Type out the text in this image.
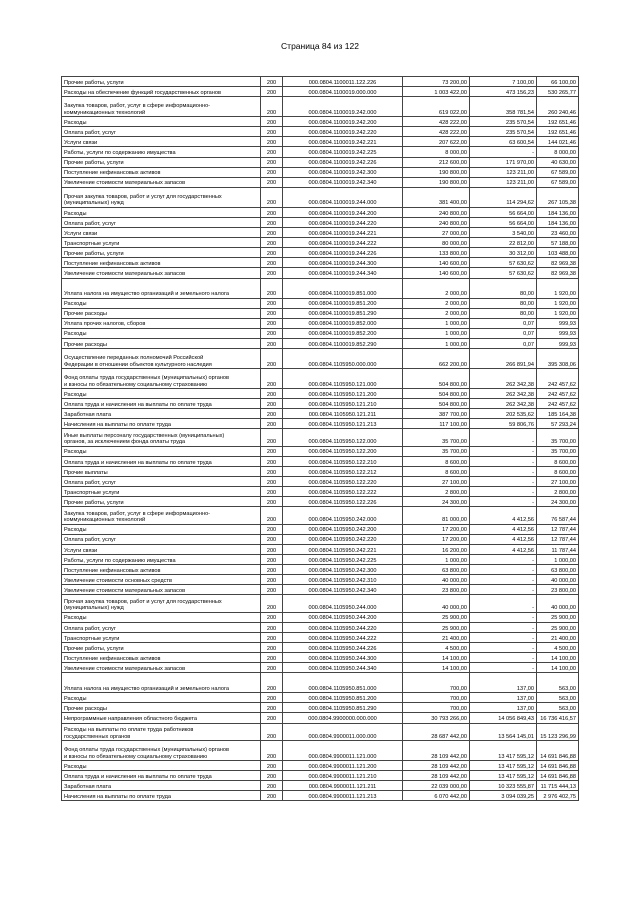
Страница 84 из 122
Прочие работы, услуги	200	000.0804.1100011.122.226	73 200,00	7 100,00	66 100,00
Расходы на обеспечение функций государственных органов	200	000.0804.1100019.000.000	1 003 422,00	473 156,23	530 265,77
Закупка товаров, работ, услуг в сфере информационно-
коммуникационных технологий	200	000.0804.1100019.242.000	619 022,00	358 781,54	260 240,46
Расходы	200	000.0804.1100019.242.200	428 222,00	235 570,54	192 651,46
Оплата работ, услуг	200	000.0804.1100019.242.220	428 222,00	235 570,54	192 651,46
Услуги связи	200	000.0804.1100019.242.221	207 622,00	63 600,54	144 021,46
Работы, услуги по содержанию имущества	200	000.0804.1100019.242.225	8 000,00	-	8 000,00
Прочие работы, услуги	200	000.0804.1100019.242.226	212 600,00	171 970,00	40 630,00
Поступление нефинансовых активов	200	000.0804.1100019.242.300	190 800,00	123 211,00	67 589,00
Увеличение стоимости материальных запасов	200	000.0804.1100019.242.340	190 800,00	123 211,00	67 589,00
Прочая закупка товаров, работ и услуг для государственных
(муниципальных) нужд	200	000.0804.1100019.244.000	381 400,00	114 294,62	267 105,38
Расходы	200	000.0804.1100019.244.200	240 800,00	56 664,00	184 136,00
Оплата работ, услуг	200	000.0804.1100019.244.220	240 800,00	56 664,00	184 136,00
Услуги связи	200	000.0804.1100019.244.221	27 000,00	3 540,00	23 460,00
Транспортные услуги	200	000.0804.1100019.244.222	80 000,00	22 812,00	57 188,00
Прочие работы, услуги	200	000.0804.1100019.244.226	133 800,00	30 312,00	103 488,00
Поступление нефинансовых активов	200	000.0804.1100019.244.300	140 600,00	57 630,62	82 969,38
Увеличение стоимости материальных запасов	200	000.0804.1100019.244.340	140 600,00	57 630,62	82 969,38
Уплата налога на имущество организаций и земельного налога	200	000.0804.1100019.851.000	2 000,00	80,00	1 920,00
Расходы	200	000.0804.1100019.851.200	2 000,00	80,00	1 920,00
Прочие расходы	200	000.0804.1100019.851.290	2 000,00	80,00	1 920,00
Уплата прочих налогов, сборов	200	000.0804.1100019.852.000	1 000,00	0,07	999,93
Расходы	200	000.0804.1100019.852.200	1 000,00	0,07	999,93
Прочие расходы	200	000.0804.1100019.852.290	1 000,00	0,07	999,93
Осуществление переданных полномочий Российской
Федерации в отношении объектов культурного наследия	200	000.0804.1105950.000.000	662 200,00	266 891,94	395 308,06
Фонд оплаты труда государственных (муниципальных) органов
и взносы по обязательному социальному страхованию	200	000.0804.1105950.121.000	504 800,00	262 342,38	242 457,62
Расходы	200	000.0804.1105950.121.200	504 800,00	262 342,38	242 457,62
Оплата труда и начисления на выплаты по оплате труда	200	000.0804.1105950.121.210	504 800,00	262 342,38	242 457,62
Заработная плата	200	000.0804.1105950.121.211	387 700,00	202 535,62	185 164,38
Начисления на выплаты по оплате труда	200	000.0804.1105950.121.213	117 100,00	59 806,76	57 293,24
Иные выплаты персоналу государственных (муниципальных)
органов, за исключением фонда оплаты труда	200	000.0804.1105950.122.000	35 700,00	-	35 700,00
Расходы	200	000.0804.1105950.122.200	35 700,00	-	35 700,00
Оплата труда и начисления на выплаты по оплате труда	200	000.0804.1105950.122.210	8 600,00	-	8 600,00
Прочие выплаты	200	000.0804.1105950.122.212	8 600,00	-	8 600,00
Оплата работ, услуг	200	000.0804.1105950.122.220	27 100,00	-	27 100,00
Транспортные услуги	200	000.0804.1105950.122.222	2 800,00	-	2 800,00
Прочие работы, услуги	200	000.0804.1105950.122.226	24 300,00	-	24 300,00
Закупка товаров, работ, услуг в сфере информационно-
коммуникационных технологий	200	000.0804.1105950.242.000	81 000,00	4 412,56	76 587,44
Расходы	200	000.0804.1105950.242.200	17 200,00	4 412,56	12 787,44
Оплата работ, услуг	200	000.0804.1105950.242.220	17 200,00	4 412,56	12 787,44
Услуги связи	200	000.0804.1105950.242.221	16 200,00	4 412,56	11 787,44
Работы, услуги по содержанию имущества	200	000.0804.1105950.242.225	1 000,00	-	1 000,00
Поступление нефинансовых активов	200	000.0804.1105950.242.300	63 800,00	-	63 800,00
Увеличение стоимости основных средств	200	000.0804.1105950.242.310	40 000,00	-	40 000,00
Увеличение стоимости материальных запасов	200	000.0804.1105950.242.340	23 800,00	-	23 800,00
Прочая закупка товаров, работ и услуг для государственных
(муниципальных) нужд	200	000.0804.1105950.244.000	40 000,00	-	40 000,00
Расходы	200	000.0804.1105950.244.200	25 900,00	-	25 900,00
Оплата работ, услуг	200	000.0804.1105950.244.220	25 900,00	-	25 900,00
Транспортные услуги	200	000.0804.1105950.244.222	21 400,00	-	21 400,00
Прочие работы, услуги	200	000.0804.1105950.244.226	4 500,00	-	4 500,00
Поступление нефинансовых активов	200	000.0804.1105950.244.300	14 100,00	-	14 100,00
Увеличение стоимости материальных запасов	200	000.0804.1105950.244.340	14 100,00	-	14 100,00
Уплата налога на имущество организаций и земельного налога	200	000.0804.1105950.851.000	700,00	137,00	563,00
Расходы	200	000.0804.1105950.851.200	700,00	137,00	563,00
Прочие расходы	200	000.0804.1105950.851.290	700,00	137,00	563,00
Непрограммные направления областного бюджета	200	000.0804.9900000.000.000	30 793 266,00	14 056 849,43	16 736 416,57
Расходы на выплаты по оплате труда работников
государственных органов	200	000.0804.9900011.000.000	28 687 442,00	13 564 145,01	15 123 296,99
Фонд оплаты труда государственных (муниципальных) органов
и взносы по обязательному социальному страхованию	200	000.0804.9900011.121.000	28 109 442,00	13 417 595,12	14 691 846,88
Расходы	200	000.0804.9900011.121.200	28 109 442,00	13 417 595,12	14 691 846,88
Оплата труда и начисления на выплаты по оплате труда	200	000.0804.9900011.121.210	28 109 442,00	13 417 595,12	14 691 846,88
Заработная плата	200	000.0804.9900011.121.211	22 039 000,00	10 323 555,87	11 715 444,13
Начисления на выплаты по оплате труда	200	000.0804.9900011.121.213	6 070 442,00	3 094 039,25	2 976 402,75
